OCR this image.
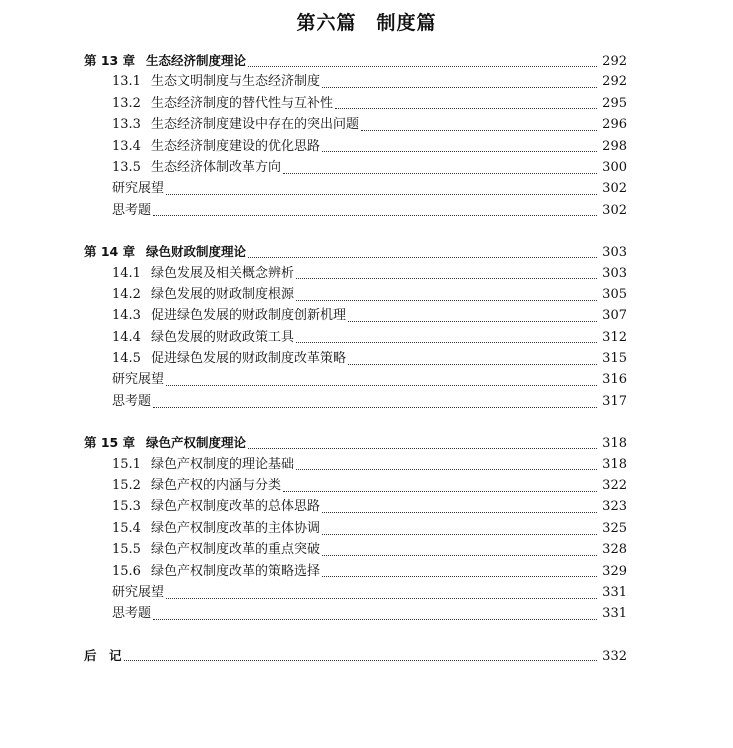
第六篇　制度篇
第 13 章 生态经济制度理论	292
13.1 生态文明制度与生态经济制度	292
13.2 生态经济制度的替代性与互补性	295
13.3 生态经济制度建设中存在的突出问题	296
13.4 生态经济制度建设的优化思路	298
13.5 生态经济体制改革方向	300
研究展望	302
思考题	302
第 14 章 绿色财政制度理论	303
14.1 绿色发展及相关概念辨析	303
14.2 绿色发展的财政制度根源	305
14.3 促进绿色发展的财政制度创新机理	307
14.4 绿色发展的财政政策工具	312
14.5 促进绿色发展的财政制度改革策略	315
研究展望	316
思考题	317
第 15 章 绿色产权制度理论	318
15.1 绿色产权制度的理论基础	318
15.2 绿色产权的内涵与分类	322
15.3 绿色产权制度改革的总体思路	323
15.4 绿色产权制度改革的主体协调	325
15.5 绿色产权制度改革的重点突破	328
15.6 绿色产权制度改革的策略选择	329
研究展望	331
思考题	331
后　记	332
